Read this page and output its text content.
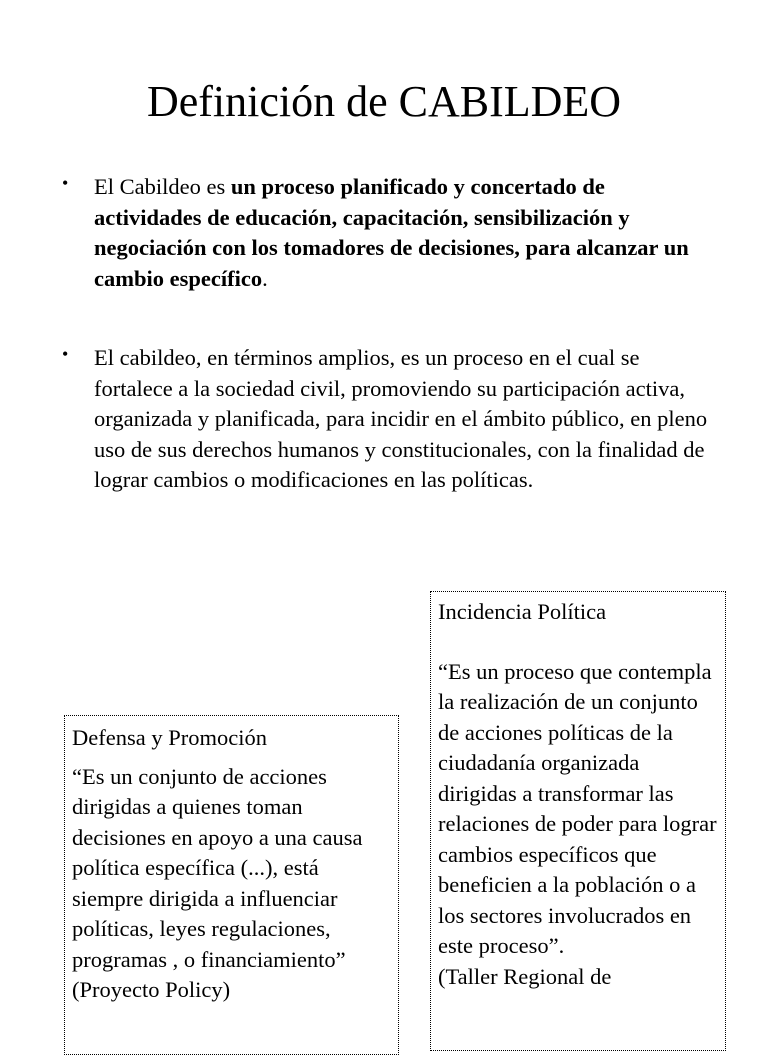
Definición de CABILDEO
• El Cabildeo es un proceso planificado y concertado de actividades de educación, capacitación, sensibilización y negociación con los tomadores de decisiones, para alcanzar un cambio específico.
• El cabildeo, en términos amplios, es un proceso en el cual se fortalece a la sociedad civil, promoviendo su participación activa, organizada y planificada, para incidir en el ámbito público, en pleno uso de sus derechos humanos y constitucionales, con la finalidad de lograr cambios o modificaciones en las políticas.
Incidencia Política
“Es un proceso que contempla la realización de un conjunto de acciones políticas de la ciudadanía organizada dirigidas a transformar las relaciones de poder para lograr cambios específicos que beneficien a la población o a los sectores involucrados en este proceso”.
(Taller Regional de
Defensa y Promoción
“Es un conjunto de acciones dirigidas a quienes toman decisiones en apoyo a una causa política específica (...), está siempre dirigida a influenciar políticas, leyes regulaciones, programas , o financiamiento” (Proyecto Policy)
